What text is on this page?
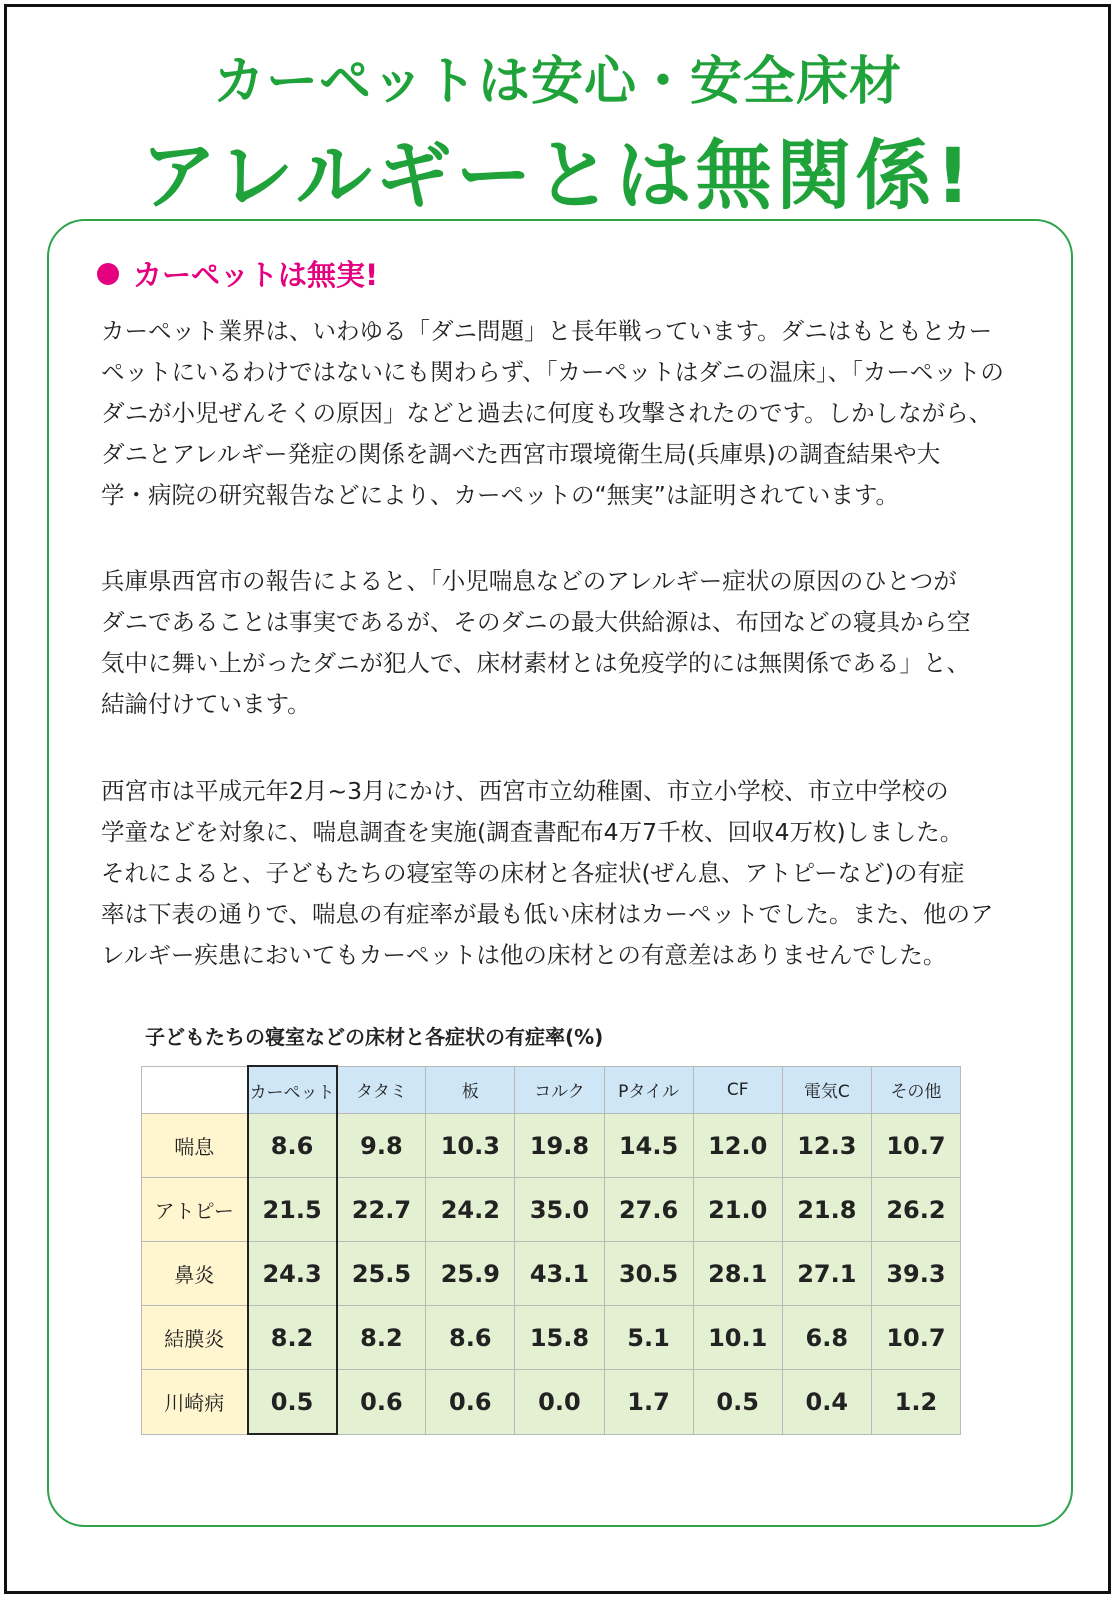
カーペットは安心・安全床材
アレルギーとは無関係!
カーペットは無実!

カーペット業界は、いわゆる「ダニ問題」と長年戦っています。ダニはもともとカー
ペットにいるわけではないにも関わらず、「カーペットはダニの温床」、「カーペットの
ダニが小児ぜんそくの原因」などと過去に何度も攻撃されたのです。しかしながら、
ダニとアレルギー発症の関係を調べた西宮市環境衛生局(兵庫県)の調査結果や大
学・病院の研究報告などにより、カーペットの“無実”は証明されています。

兵庫県西宮市の報告によると、「小児喘息などのアレルギー症状の原因のひとつが
ダニであることは事実であるが、そのダニの最大供給源は、布団などの寝具から空
気中に舞い上がったダニが犯人で、床材素材とは免疫学的には無関係である」と、
結論付けています。

西宮市は平成元年2月~3月にかけ、西宮市立幼稚園、市立小学校、市立中学校の
学童などを対象に、喘息調査を実施(調査書配布4万7千枚、回収4万枚)しました。
それによると、子どもたちの寝室等の床材と各症状(ぜん息、アトピーなど)の有症
率は下表の通りで、喘息の有症率が最も低い床材はカーペットでした。また、他のア
レルギー疾患においてもカーペットは他の床材との有意差はありませんでした。

子どもたちの寝室などの床材と各症状の有症率(%)
	カーペット	タタミ	板	コルク	Pタイル	CF	電気C	その他
喘息	8.6	9.8	10.3	19.8	14.5	12.0	12.3	10.7
アトピー	21.5	22.7	24.2	35.0	27.6	21.0	21.8	26.2
鼻炎	24.3	25.5	25.9	43.1	30.5	28.1	27.1	39.3
結膜炎	8.2	8.2	8.6	15.8	5.1	10.1	6.8	10.7
川崎病	0.5	0.6	0.6	0.0	1.7	0.5	0.4	1.2
